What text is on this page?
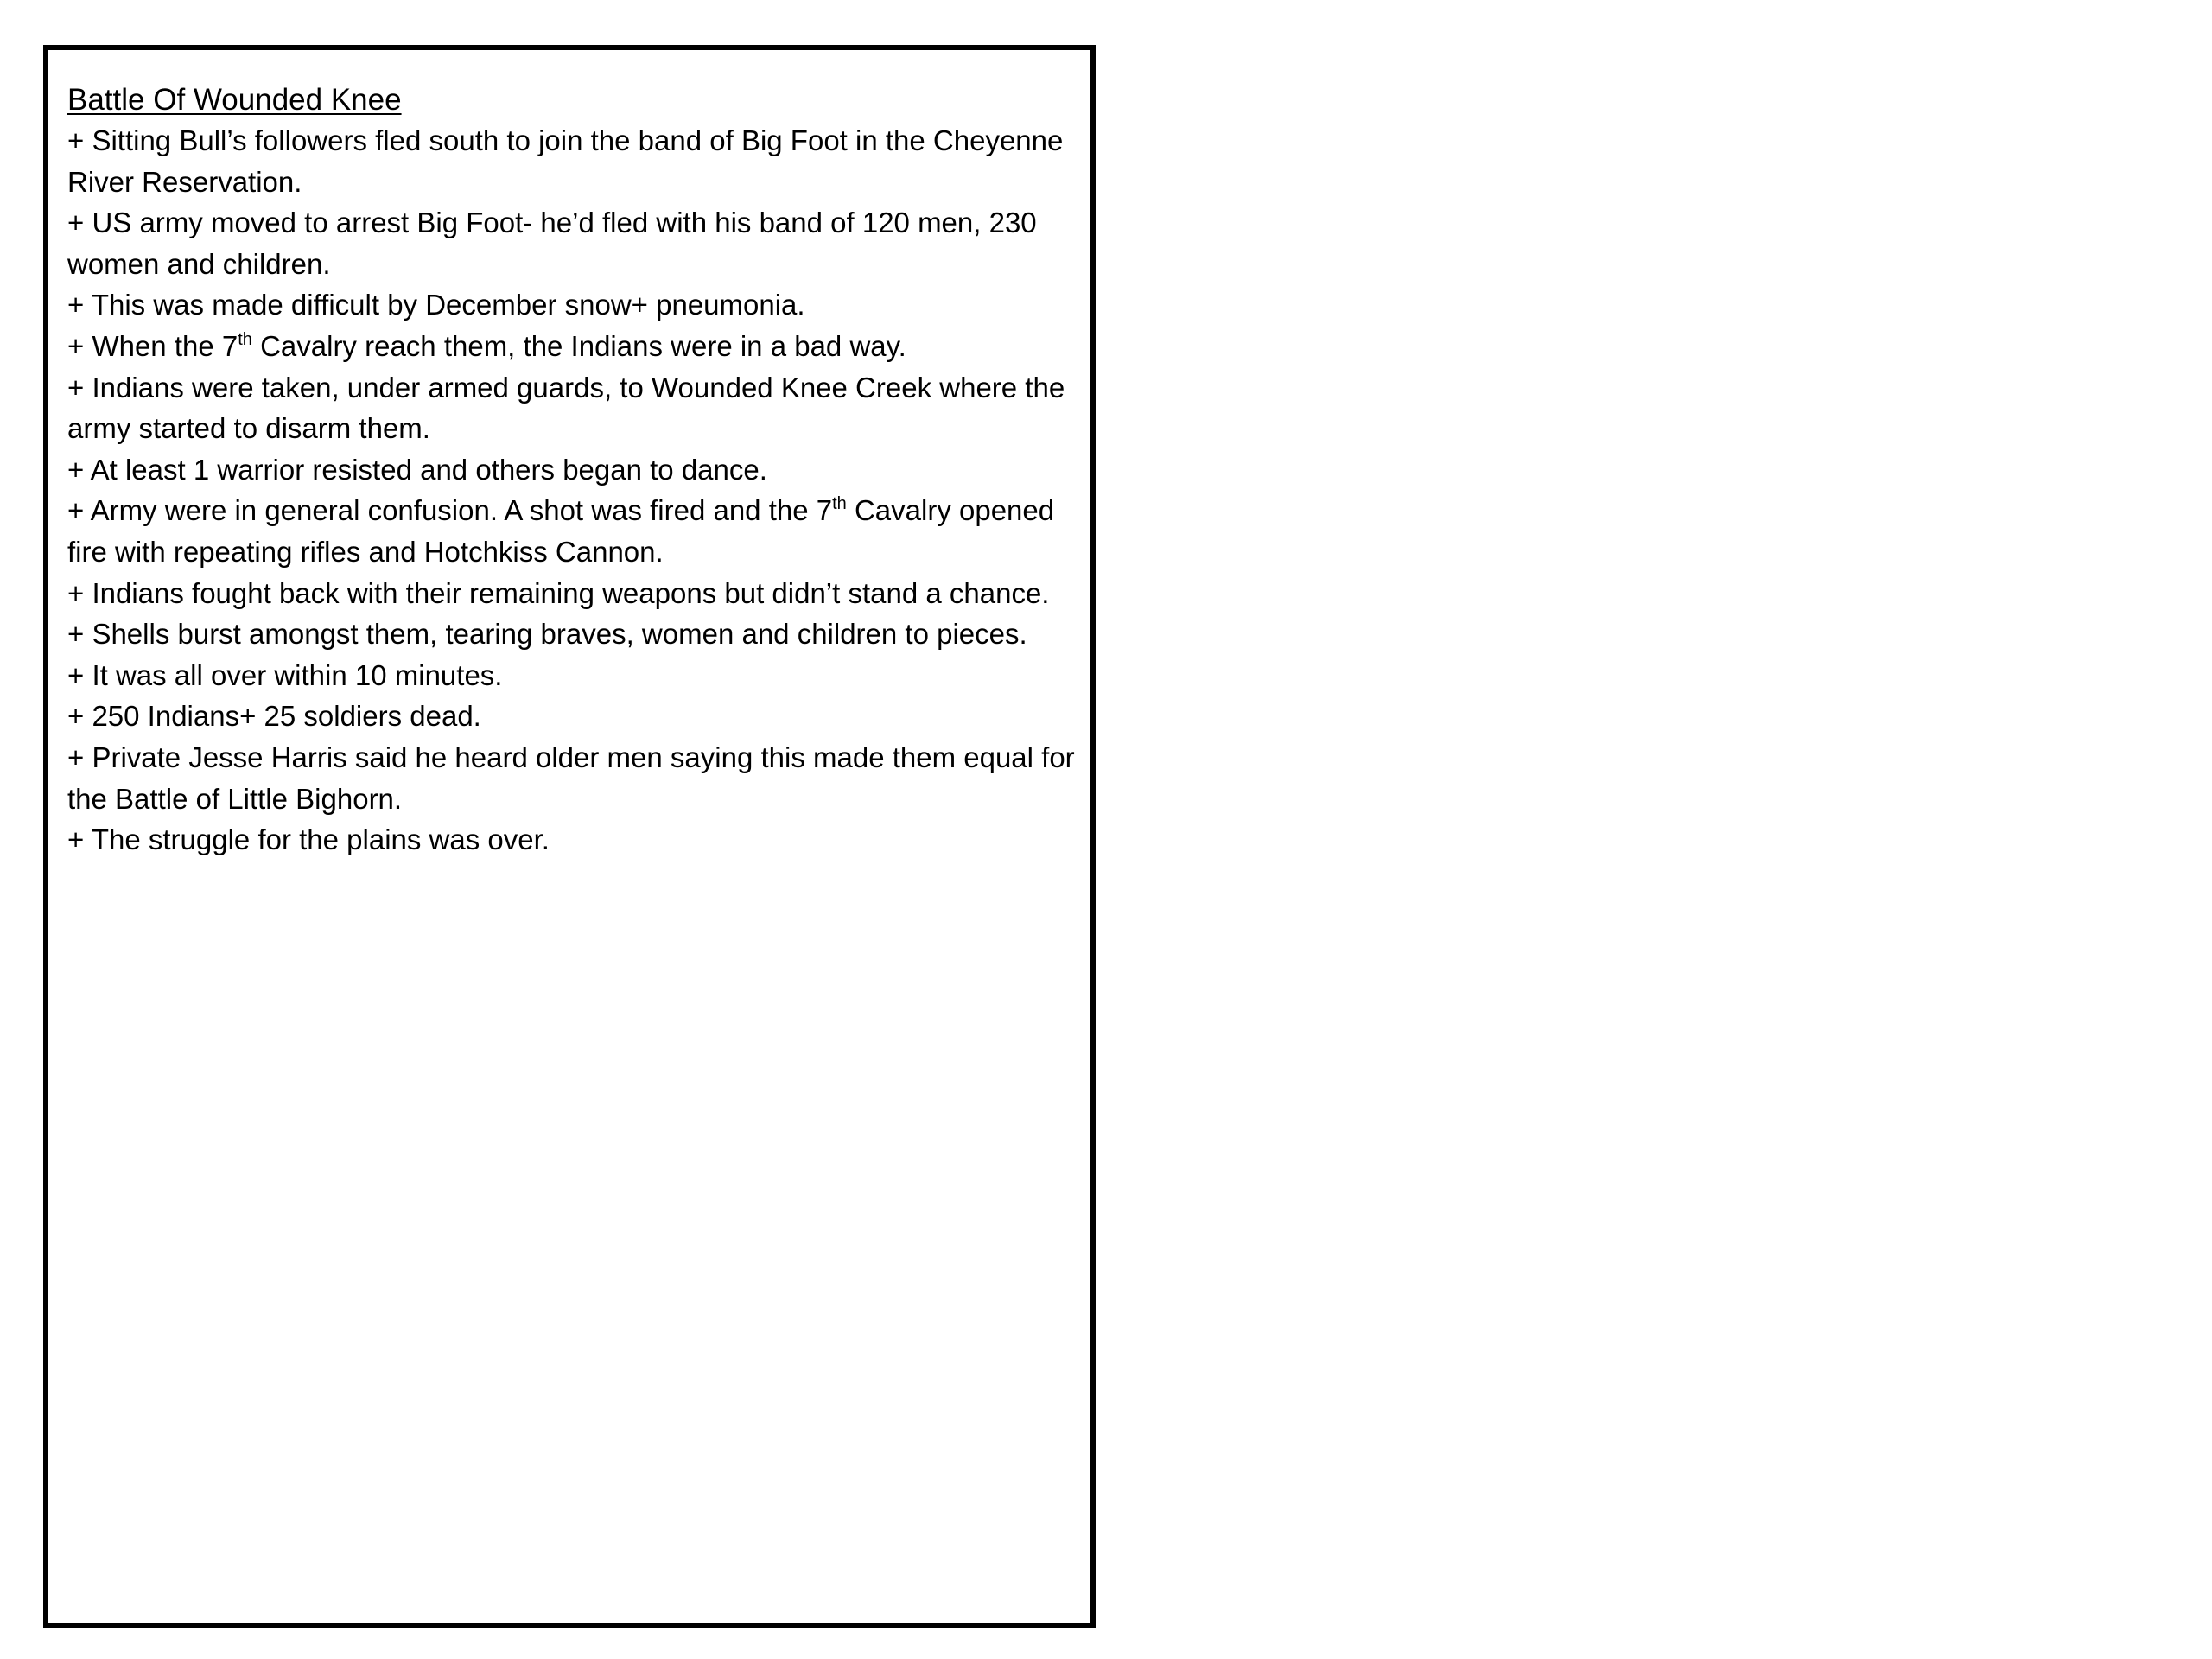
Battle Of Wounded Knee
+ Sitting Bull’s followers fled south to join the band of Big Foot in the Cheyenne River Reservation.
+ US army moved to arrest Big Foot- he’d fled with his band of 120 men, 230 women and children.
+ This was made difficult by December snow+ pneumonia.
+ When the 7th Cavalry reach them, the Indians were in a bad way.
+ Indians were taken, under armed guards, to Wounded Knee Creek where the army started to disarm them.
+ At least 1 warrior resisted and others began to dance.
+ Army were in general confusion. A shot was fired and the 7th Cavalry opened fire with repeating rifles and Hotchkiss Cannon.
+ Indians fought back with their remaining weapons but didn’t stand a chance.
+ Shells burst amongst them, tearing braves, women and children to pieces.
+ It was all over within 10 minutes.
+ 250 Indians+ 25 soldiers dead.
+ Private Jesse Harris said he heard older men saying this made them equal for the Battle of Little Bighorn.
+ The struggle for the plains was over.
